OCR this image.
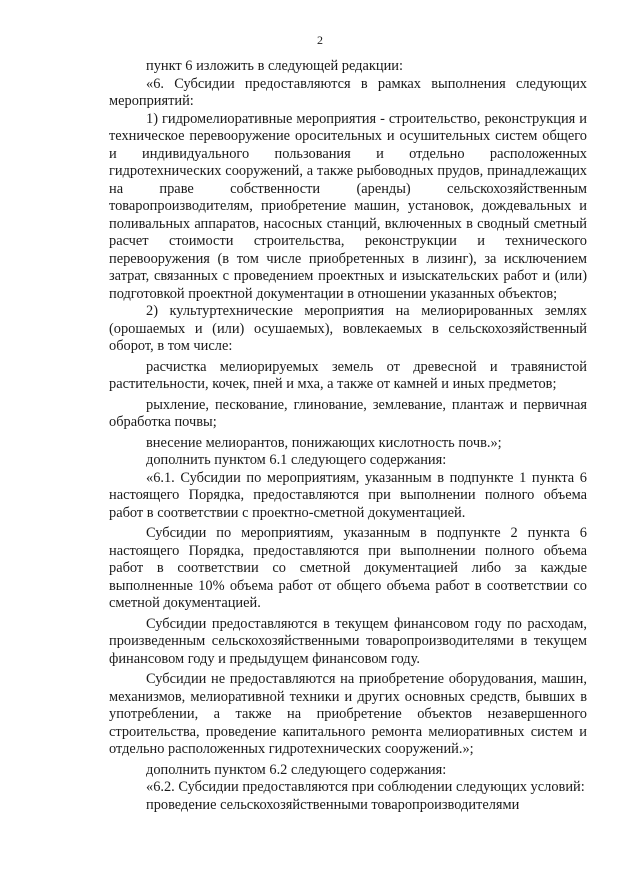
2

пункт 6 изложить в следующей редакции:

«6. Субсидии предоставляются в рамках выполнения следующих мероприятий:

1) гидромелиоративные мероприятия - строительство, реконструкция и техническое перевооружение оросительных и осушительных систем общего и индивидуального пользования и отдельно расположенных гидротехнических сооружений, а также рыбоводных прудов, принадлежащих на праве собственности (аренды) сельскохозяйственным товаропроизводителям, приобретение машин, установок, дождевальных и поливальных аппаратов, насосных станций, включенных в сводный сметный расчет стоимости строительства, реконструкции и технического перевооружения (в том числе приобретенных в лизинг), за исключением затрат, связанных с проведением проектных и изыскательских работ и (или) подготовкой проектной документации в отношении указанных объектов;

2) культуртехнические мероприятия на мелиорированных землях (орошаемых и (или) осушаемых), вовлекаемых в сельскохозяйственный оборот, в том числе:

расчистка мелиорируемых земель от древесной и травянистой растительности, кочек, пней и мха, а также от камней и иных предметов;

рыхление, пескование, глинование, землевание, плантаж и первичная обработка почвы;

внесение мелиорантов, понижающих кислотность почв.»;

дополнить пунктом 6.1 следующего содержания:

«6.1. Субсидии по мероприятиям, указанным в подпункте 1 пункта 6 настоящего Порядка, предоставляются при выполнении полного объема работ в соответствии с проектно-сметной документацией.

Субсидии по мероприятиям, указанным в подпункте 2 пункта 6 настоящего Порядка, предоставляются при выполнении полного объема работ в соответствии со сметной документацией либо за каждые выполненные 10% объема работ от общего объема работ в соответствии со сметной документацией.

Субсидии предоставляются в текущем финансовом году по расходам, произведенным сельскохозяйственными товаропроизводителями в текущем финансовом году и предыдущем финансовом году.

Субсидии не предоставляются на приобретение оборудования, машин, механизмов, мелиоративной техники и других основных средств, бывших в употреблении, а также на приобретение объектов незавершенного строительства, проведение капитального ремонта мелиоративных систем и отдельно расположенных гидротехнических сооружений.»;

дополнить пунктом 6.2 следующего содержания:

«6.2. Субсидии предоставляются при соблюдении следующих условий:

проведение сельскохозяйственными товаропроизводителями
